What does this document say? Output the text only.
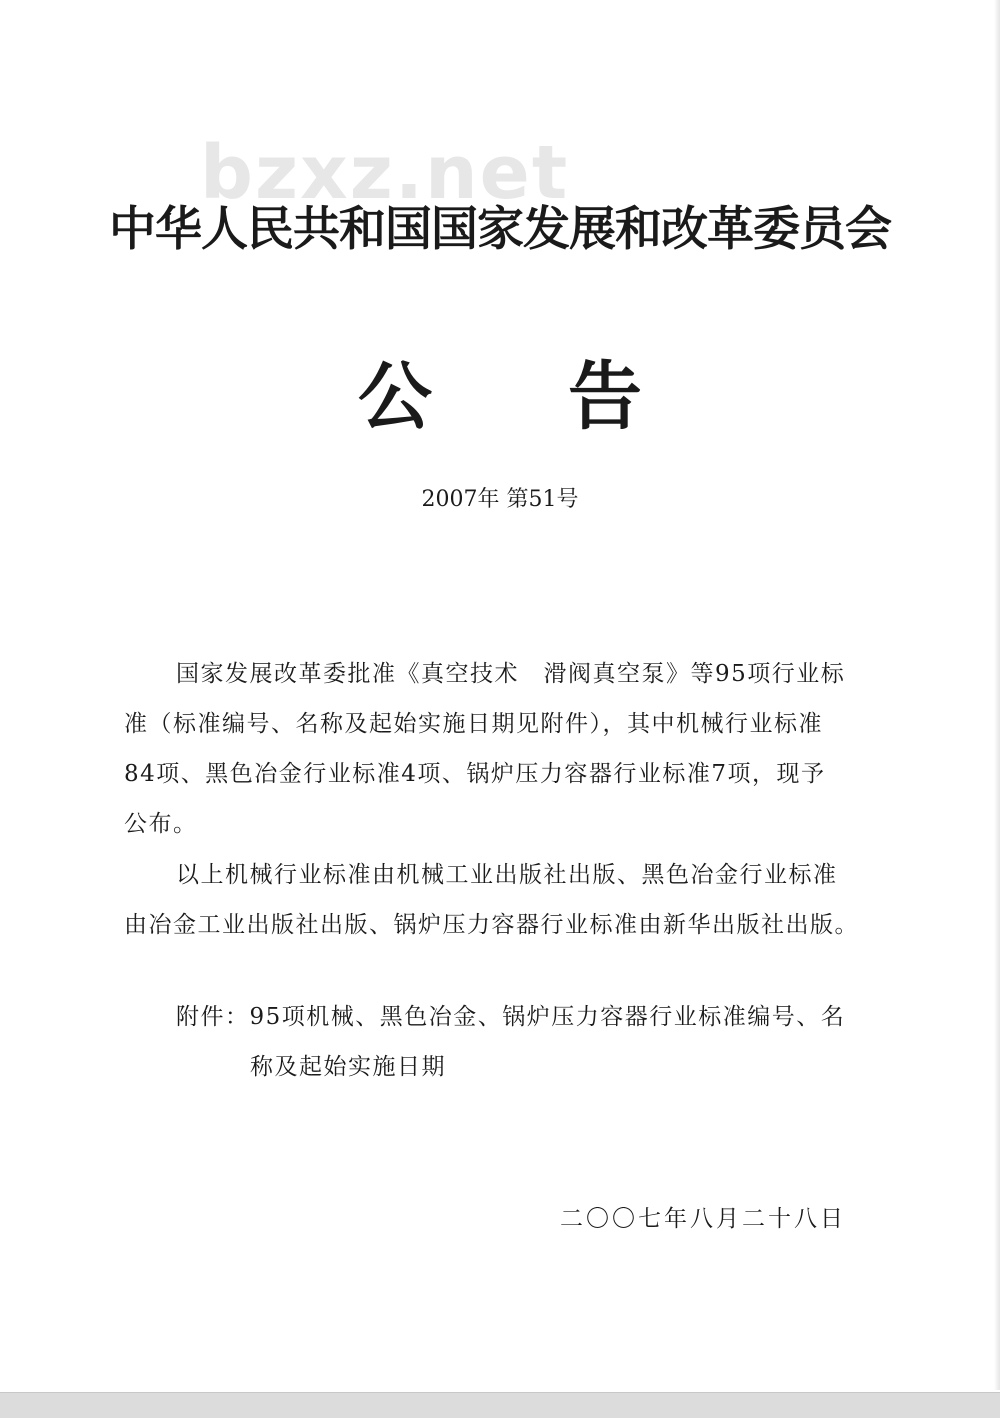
bzxz.net
中华人民共和国国家发展和改革委员会
公 告
2007年 第51号
国家发展改革委批准《真空技术　滑阀真空泵》等95项行业标
准（标准编号、名称及起始实施日期见附件），其中机械行业标准
84项、黑色冶金行业标准4项、锅炉压力容器行业标准7项，现予
公布。
以上机械行业标准由机械工业出版社出版、黑色冶金行业标准
由冶金工业出版社出版、锅炉压力容器行业标准由新华出版社出版。
附件：95项机械、黑色冶金、锅炉压力容器行业标准编号、名
称及起始实施日期
二〇〇七年八月二十八日
